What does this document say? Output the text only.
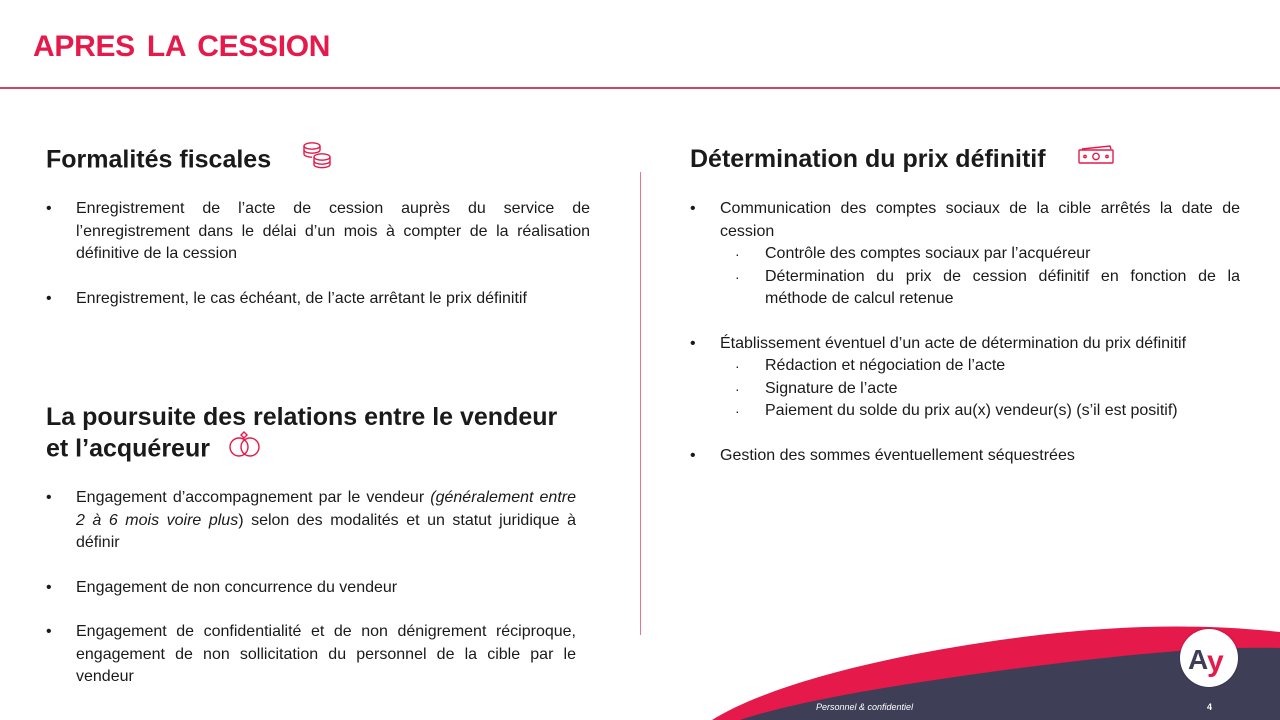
APRES LA CESSION
Formalités fiscales
• Enregistrement de l’acte de cession auprès du service de l’enregistrement dans le délai d’un mois à compter de la réalisation définitive de la cession
• Enregistrement, le cas échéant, de l’acte arrêtant le prix définitif
La poursuite des relations entre le vendeur et l’acquéreur
• Engagement d’accompagnement par le vendeur (généralement entre 2 à 6 mois voire plus) selon des modalités et un statut juridique à définir
• Engagement de non concurrence du vendeur
• Engagement de confidentialité et de non dénigrement réciproque, engagement de non sollicitation du personnel de la cible par le vendeur
Détermination du prix définitif
• Communication des comptes sociaux de la cible arrêtés la date de cession
· Contrôle des comptes sociaux par l’acquéreur
· Détermination du prix de cession définitif en fonction de la méthode de calcul retenue
• Établissement éventuel d’un acte de détermination du prix définitif
· Rédaction et négociation de l’acte
· Signature de l’acte
· Paiement du solde du prix au(x) vendeur(s) (s’il est positif)
• Gestion des sommes éventuellement séquestrées
A
y
Personnel & confidentiel	4
